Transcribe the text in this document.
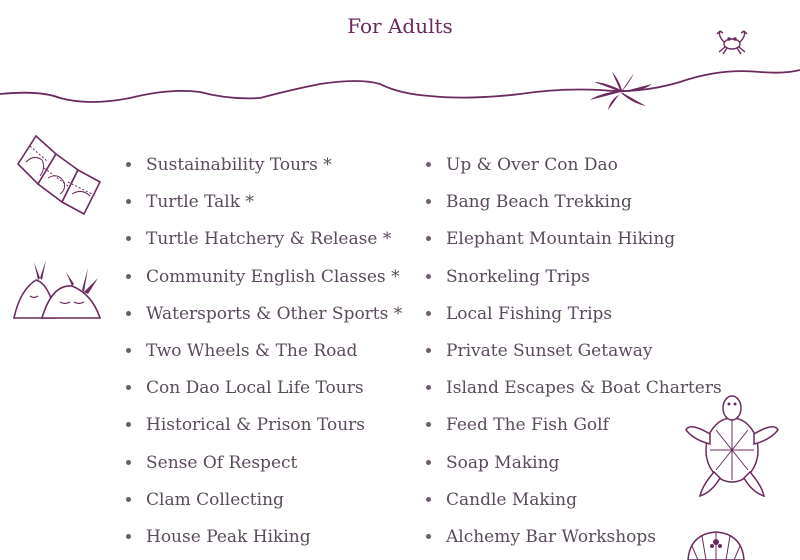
For Adults
Sustainability Tours *
Turtle Talk *
Turtle Hatchery & Release *
Community English Classes *
Watersports & Other Sports *
Two Wheels & The Road
Con Dao Local Life Tours
Historical & Prison Tours
Sense Of Respect
Clam Collecting
House Peak Hiking
Up & Over Con Dao
Bang Beach Trekking
Elephant Mountain Hiking
Snorkeling Trips
Local Fishing Trips
Private Sunset Getaway
Island Escapes & Boat Charters
Feed The Fish Golf
Soap Making
Candle Making
Alchemy Bar Workshops
